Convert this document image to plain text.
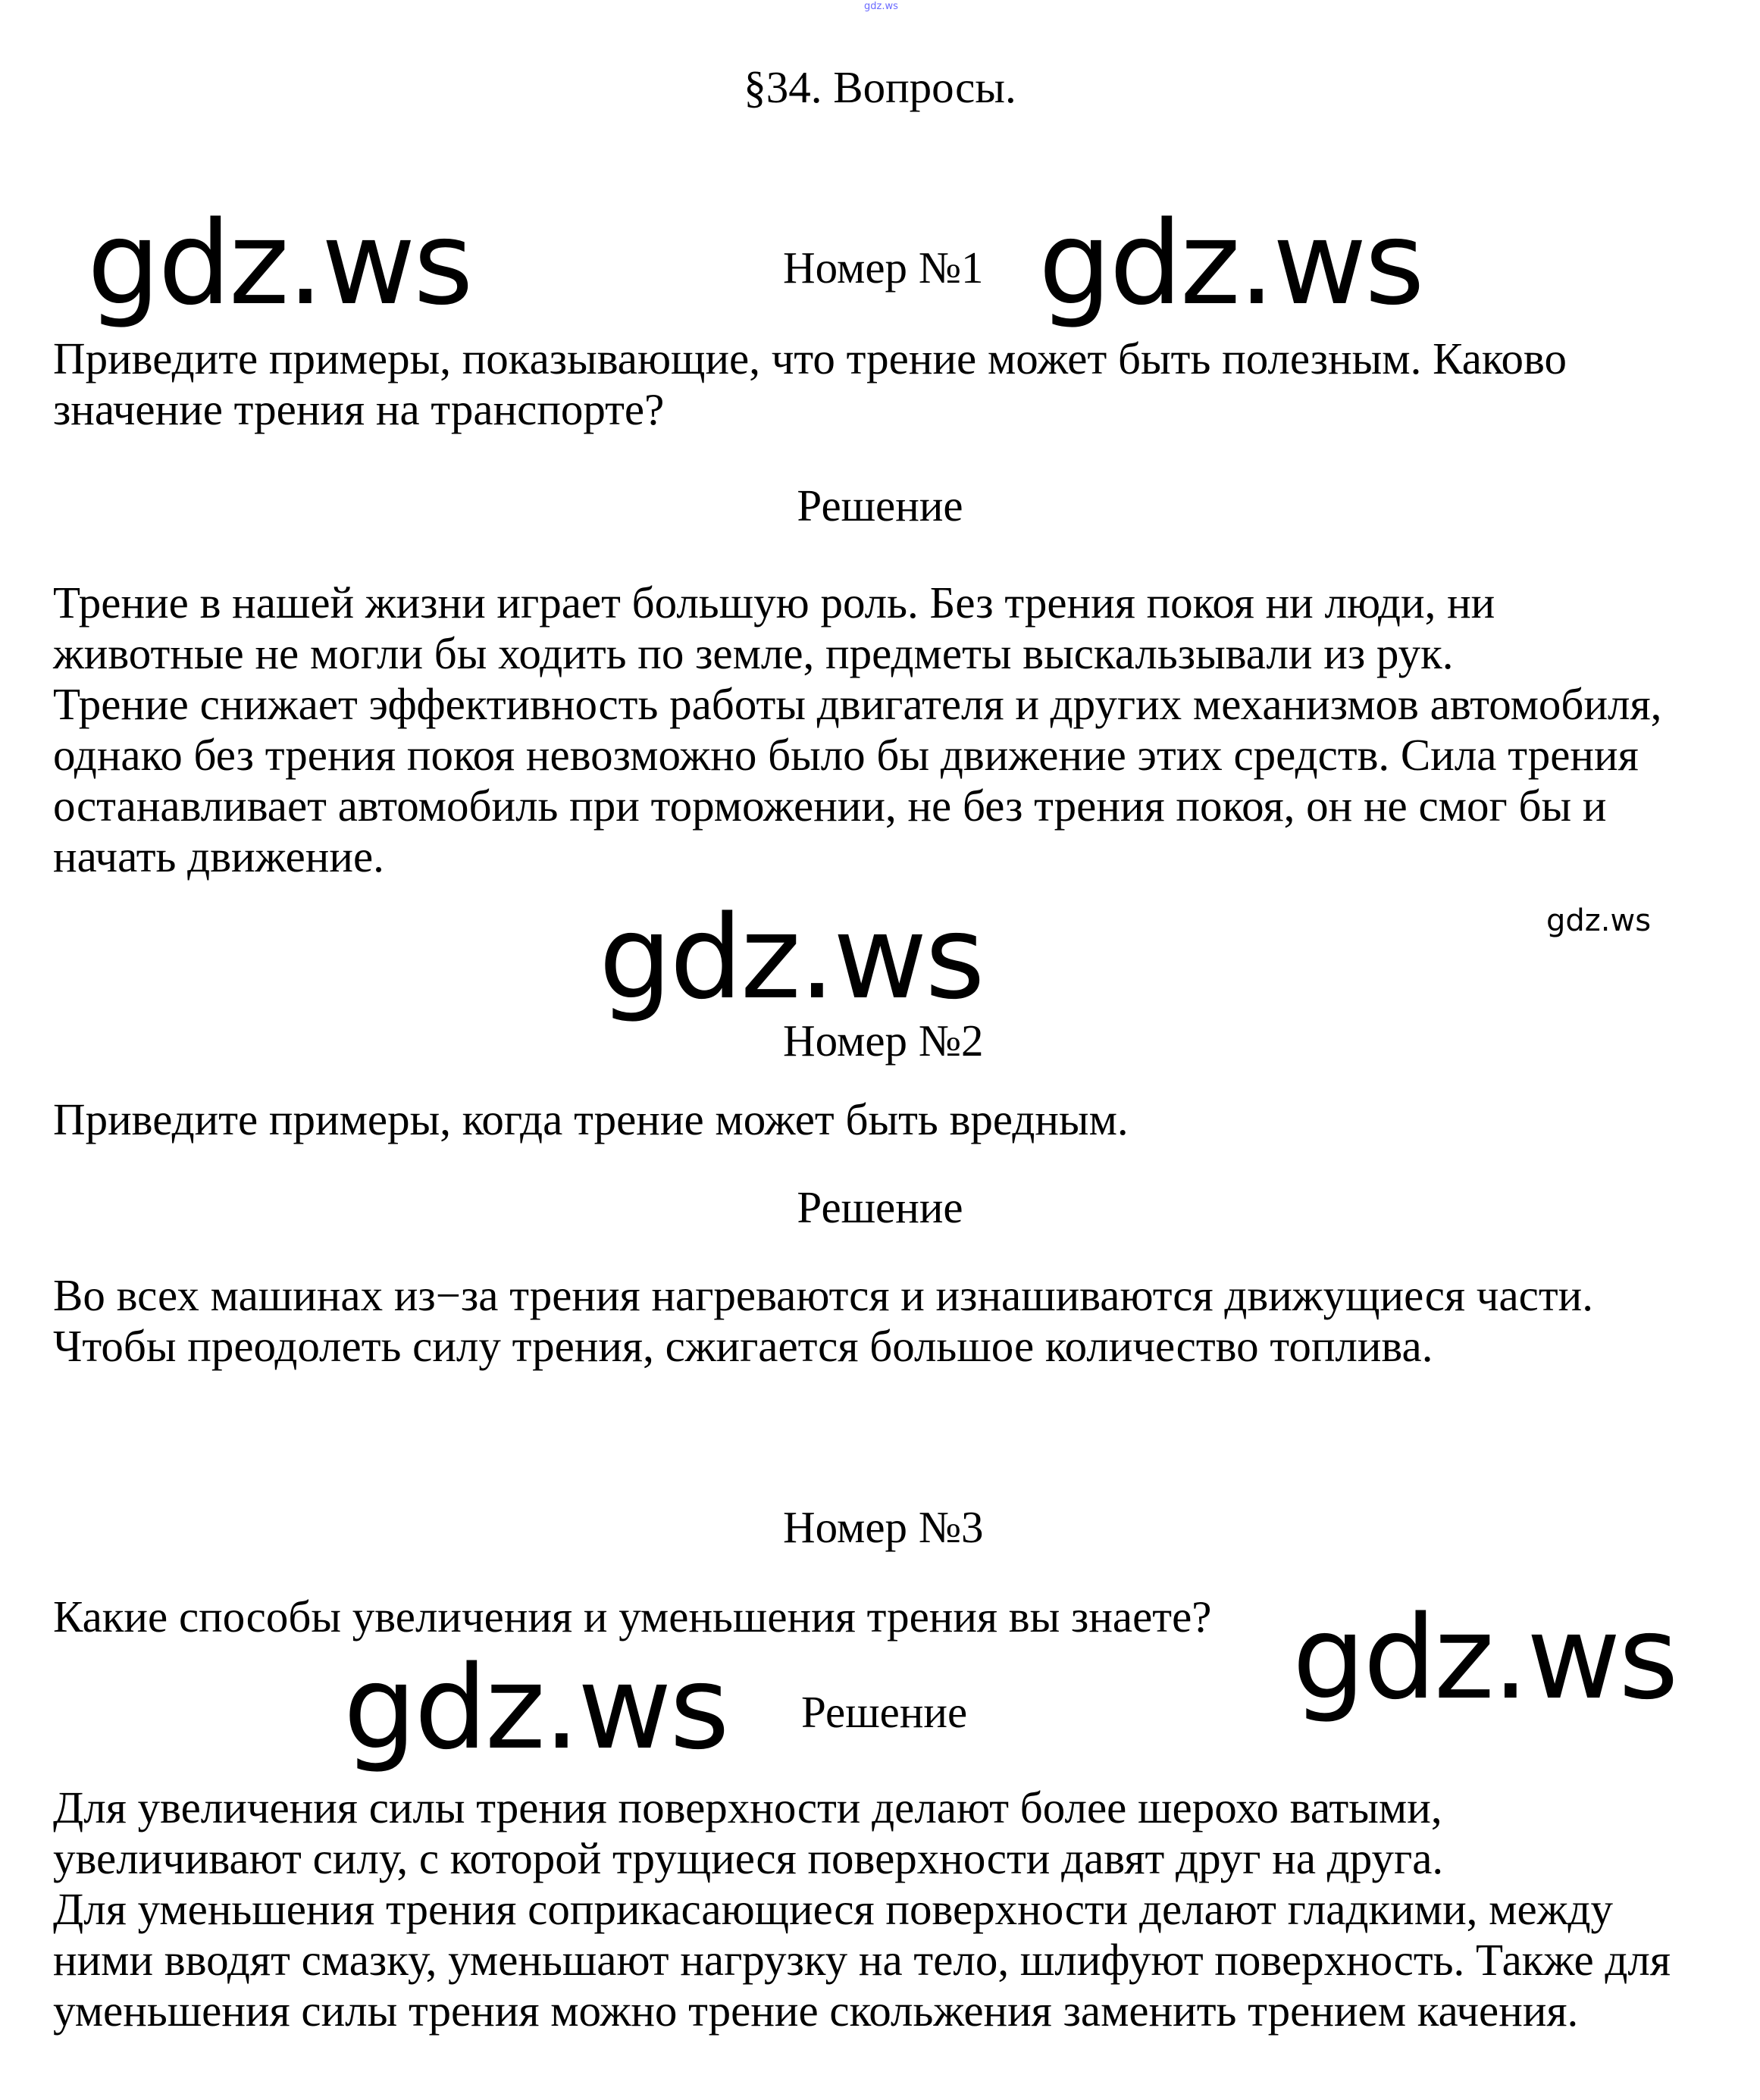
gdz.ws
§34. Вопросы.
gdz.ws	Номер №1 gdz.ws
Приведите примеры, показывающие, что трение может быть полезным. Каково
значение трения на транспорте?
Решение
Трение в нашей жизни играет большую роль. Без трения покоя ни люди, ни
животные не могли бы ходить по земле, предметы выскальзывали из рук.
Трение снижает эффективность работы двигателя и других механизмов автомобиля,
однако без трения покоя невозможно было бы движение этих средств. Сила трения
останавливает автомобиль при торможении, не без трения покоя, он не смог бы и
начать движение.
gdz.ws
gdz.ws
Номер №2
Приведите примеры, когда трение может быть вредным.
Решение
Во всех машинах из−за трения нагреваются и изнашиваются движущиеся части.
Чтобы преодолеть силу трения, сжигается большое количество топлива.
Номер №3
Какие способы увеличения и уменьшения трения вы знаете? gdz.ws
gdz.ws Решение
Для увеличения силы трения поверхности делают более шерохо ватыми,
увеличивают силу, с которой трущиеся поверхности давят друг на друга.
Для уменьшения трения соприкасающиеся поверхности делают гладкими, между
ними вводят смазку, уменьшают нагрузку на тело, шлифуют поверхность. Также для
уменьшения силы трения можно трение скольжения заменить трением качения.
